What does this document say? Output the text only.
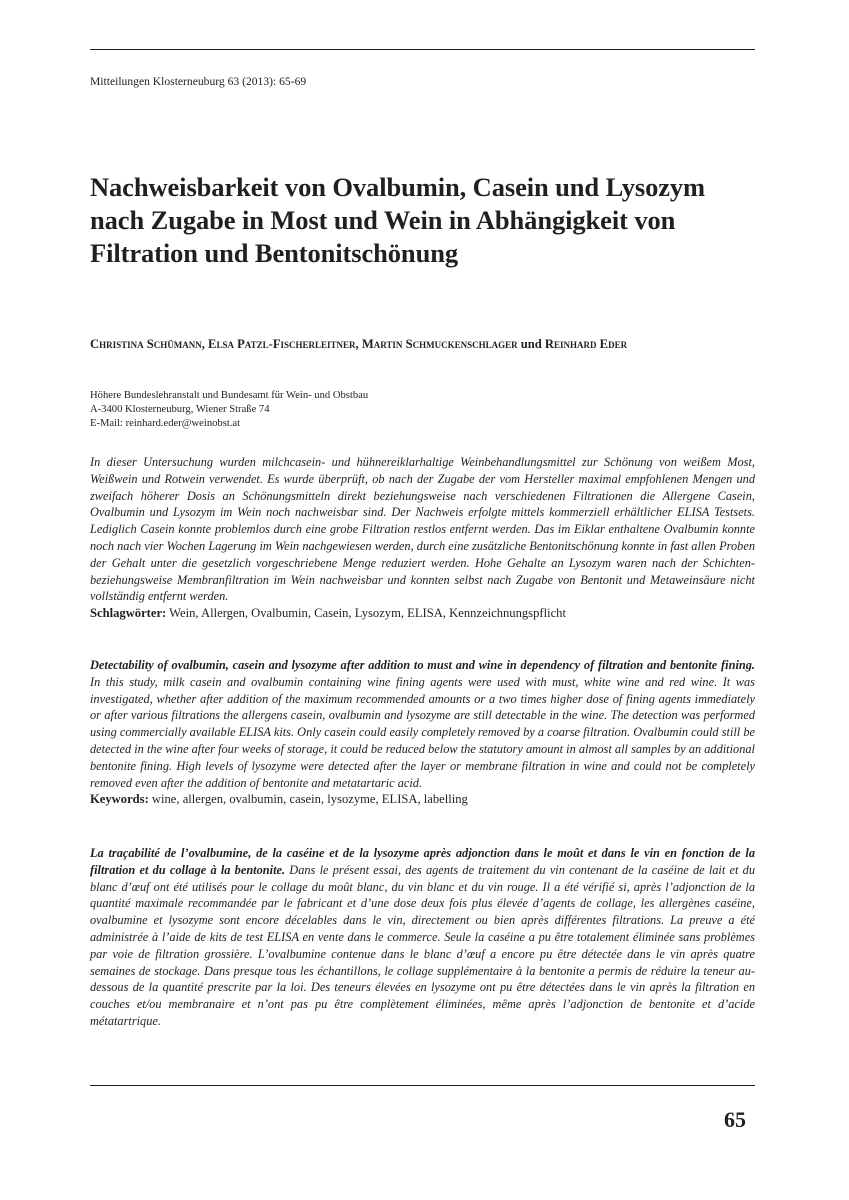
Mitteilungen Klosterneuburg 63 (2013): 65-69
Nachweisbarkeit von Ovalbumin, Casein und Lysozym nach Zugabe in Most und Wein in Abhängigkeit von Filtration und Bentonitschönung
Christina Schümann, Elsa Patzl-Fischerleitner, Martin Schmuckenschlager und Reinhard Eder
Höhere Bundeslehranstalt und Bundesamt für Wein- und Obstbau
A-3400 Klosterneuburg, Wiener Straße 74
E-Mail: reinhard.eder@weinobst.at

In dieser Untersuchung wurden milchcasein- und hühnereiklarhaltige Weinbehandlungsmittel zur Schönung von weißem Most, Weißwein und Rotwein verwendet. Es wurde überprüft, ob nach der Zugabe der vom Hersteller maximal empfohlenen Mengen und zweifach höherer Dosis an Schönungsmitteln direkt beziehungsweise nach verschiedenen Filtrationen die Allergene Casein, Ovalbumin und Lysozym im Wein noch nachweisbar sind. Der Nachweis erfolgte mittels kommerziell erhältlicher ELISA Testsets. Lediglich Casein konnte problemlos durch eine grobe Filtration restlos entfernt werden. Das im Eiklar enthaltene Ovalbumin konnte noch nach vier Wochen Lagerung im Wein nachgewiesen werden, durch eine zusätzliche Bentonitschönung konnte in fast allen Proben der Gehalt unter die gesetzlich vorgeschriebene Menge reduziert werden. Hohe Gehalte an Lysozym waren nach der Schichten- beziehungsweise Membranfiltration im Wein nachweisbar und konnten selbst nach Zugabe von Bentonit und Metaweinsäure nicht vollständig entfernt werden.

Schlagwörter: Wein, Allergen, Ovalbumin, Casein, Lysozym, ELISA, Kennzeichnungspflicht

Detectability of ovalbumin, casein and lysozyme after addition to must and wine in dependency of filtration and bentonite fining. In this study, milk casein and ovalbumin containing wine fining agents were used with must, white wine and red wine. It was investigated, whether after addition of the maximum recommended amounts or a two times higher dose of fining agents immediately or after various filtrations the allergens casein, ovalbumin and lysozyme are still detectable in the wine. The detection was performed using commercially available ELISA kits. Only casein could easily completely removed by a coarse filtration. Ovalbumin could still be detected in the wine after four weeks of storage, it could be reduced below the statutory amount in almost all samples by an additional bentonite fining. High levels of lysozyme were detected after the layer or membrane filtration in wine and could not be completely removed even after the addition of bentonite and metatartaric acid.

Keywords: wine, allergen, ovalbumin, casein, lysozyme, ELISA, labelling

La traçabilité de l’ovalbumine, de la caséine et de la lysozyme après adjonction dans le moût et dans le vin en fonction de la filtration et du collage à la bentonite. Dans le présent essai, des agents de traitement du vin contenant de la caséine de lait et du blanc d’œuf ont été utilisés pour le collage du moût blanc, du vin blanc et du vin rouge. Il a été vérifié si, après l’adjonction de la quantité maximale recommandée par le fabricant et d’une dose deux fois plus élevée d’agents de collage, les allergènes caséine, ovalbumine et lysozyme sont encore décelables dans le vin, directement ou bien après différentes filtrations. La preuve a été administrée à l’aide de kits de test ELISA en vente dans le commerce. Seule la caséine a pu être totalement éliminée sans problèmes par voie de filtration grossière. L’ovalbumine contenue dans le blanc d’œuf a encore pu être détectée dans le vin après quatre semaines de stockage. Dans presque tous les échantillons, le collage supplémentaire à la bentonite a permis de réduire la teneur au-dessous de la quantité prescrite par la loi. Des teneurs élevées en lysozyme ont pu être détectées dans le vin après la filtration en couches et/ou membranaire et n’ont pas pu être complètement éliminées, même après l’adjonction de bentonite et d’acide métatartrique.

65
